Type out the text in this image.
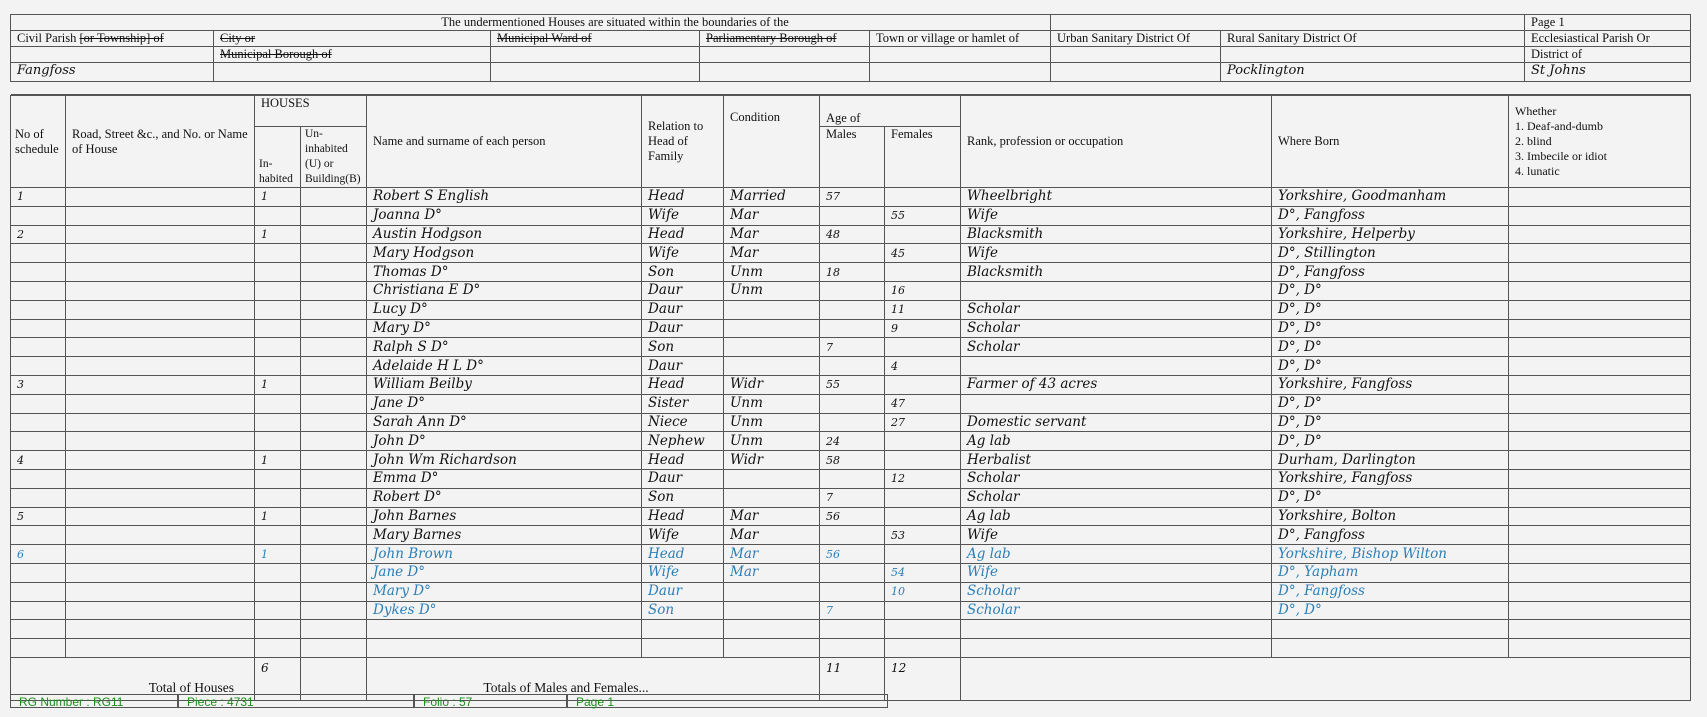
The undermentioned Houses are situated within the boundaries of the							Page 1
Civil Parish [or Township] of	City or	Municipal Ward of	Parliamentary Borough of	Town or village or hamlet of	Urban Sanitary District Of	Rural Sanitary District Of	Ecclesiastical Parish Or
	Municipal Borough of						District of
Fangfoss						Pocklington	St Johns

No of schedule	Road, Street &c., and No. or Name of House	HOUSES		Name and surname of each person	Relation to Head of Family	Condition	Age of		Rank, profession or occupation	Where Born	Whether
1. Deaf-and-dumb
2. blind
3. Imbecile or idiot
4. lunatic

		In-habited	Un-inhabited (U) or Building(B)				Males	Females			
1		1		Robert S English	Head	Married	57		Wheelbright	Yorkshire, Goodmanham	
				Joanna D°	Wife	Mar		55	Wife	D°, Fangfoss	
2		1		Austin Hodgson	Head	Mar	48		Blacksmith	Yorkshire, Helperby	
				Mary Hodgson	Wife	Mar		45	Wife	D°, Stillington	
				Thomas D°	Son	Unm	18		Blacksmith	D°, Fangfoss	
				Christiana E D°	Daur	Unm		16		D°, D°	
				Lucy D°	Daur			11	Scholar	D°, D°	
				Mary D°	Daur			9	Scholar	D°, D°	
				Ralph S D°	Son		7		Scholar	D°, D°	
				Adelaide H L D°	Daur			4		D°, D°	
3		1		William Beilby	Head	Widr	55		Farmer of 43 acres	Yorkshire, Fangfoss	
				Jane D°	Sister	Unm		47		D°, D°	
				Sarah Ann D°	Niece	Unm		27	Domestic servant	D°, D°	
				John D°	Nephew	Unm	24		Ag lab	D°, D°	
4		1		John Wm Richardson	Head	Widr	58		Herbalist	Durham, Darlington	
				Emma D°	Daur			12	Scholar	Yorkshire, Fangfoss	
				Robert D°	Son		7		Scholar	D°, D°	
5		1		John Barnes	Head	Mar	56		Ag lab	Yorkshire, Bolton	
				Mary Barnes	Wife	Mar		53	Wife	D°, Fangfoss	
6		1		John Brown	Head	Mar	56		Ag lab	Yorkshire, Bishop Wilton	
				Jane D°	Wife	Mar		54	Wife	D°, Yapham	
				Mary D°	Daur			10	Scholar	D°, Fangfoss	
				Dykes D°	Son		7		Scholar	D°, D°	

Total of Houses		6		Totals of Males and Females...			11	12			
RG Number : RG11	Piece : 4731	Folio : 57	Page 1
